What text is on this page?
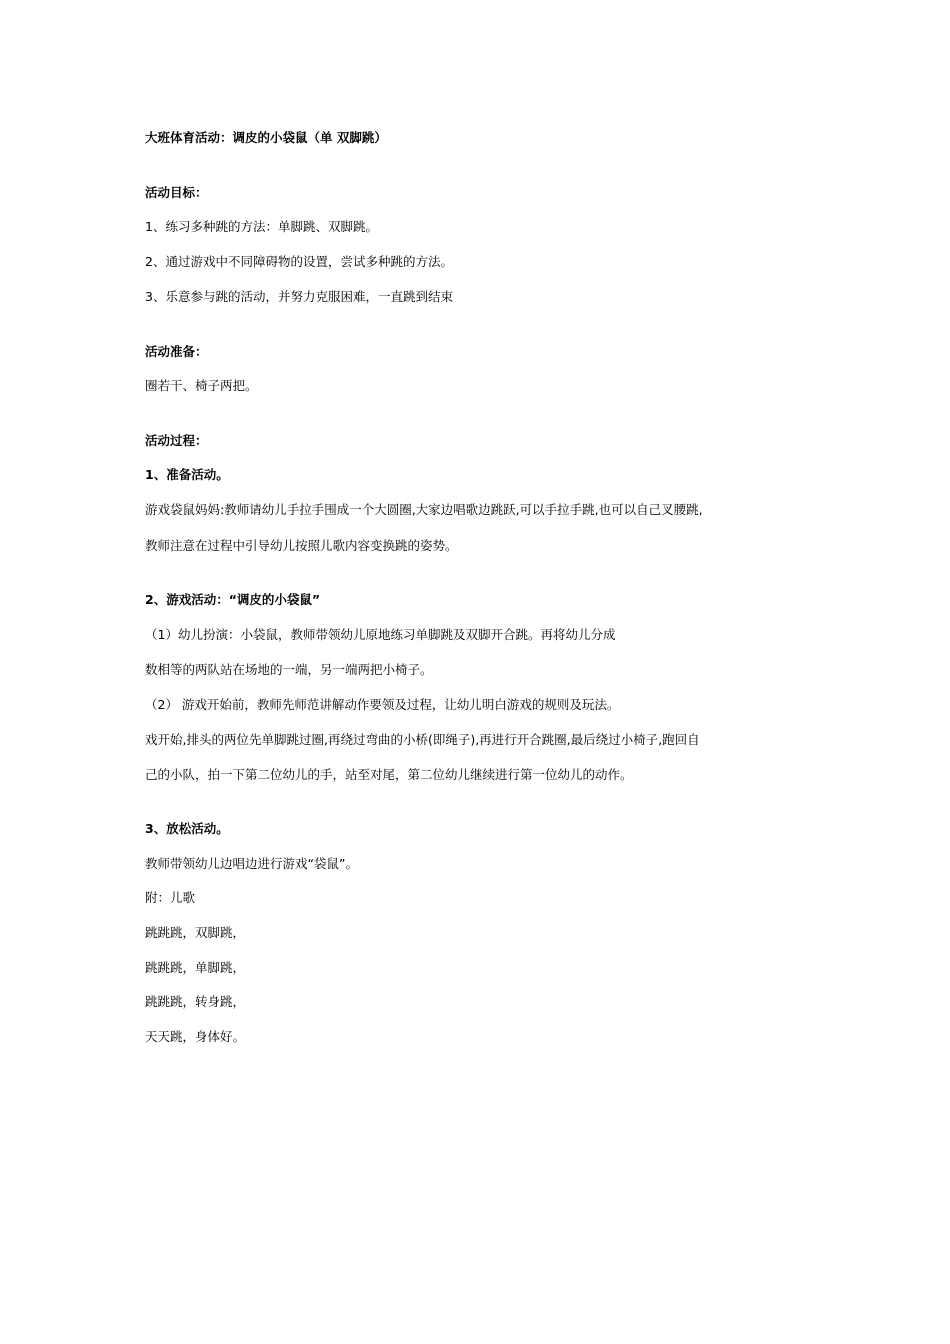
大班体育活动：调皮的小袋鼠（单 双脚跳）
活动目标：
1、练习多种跳的方法：单脚跳、双脚跳。
2、通过游戏中不同障碍物的设置，尝试多种跳的方法。
3、乐意参与跳的活动，并努力克服困难，一直跳到结束
活动准备：
圈若干、椅子两把。
活动过程：
1、准备活动。
游戏袋鼠妈妈:教师请幼儿手拉手围成一个大圆圈,大家边唱歌边跳跃,可以手拉手跳,也可以自己叉腰跳,
教师注意在过程中引导幼儿按照儿歌内容变换跳的姿势。
2、游戏活动：“调皮的小袋鼠”
（1）幼儿扮演：小袋鼠，教师带领幼儿原地练习单脚跳及双脚开合跳。再将幼儿分成
数相等的两队站在场地的一端，另一端两把小椅子。
（2） 游戏开始前，教师先师范讲解动作要领及过程，让幼儿明白游戏的规则及玩法。
戏开始,排头的两位先单脚跳过圈,再绕过弯曲的小桥(即绳子),再进行开合跳圈,最后绕过小椅子,跑回自
己的小队，拍一下第二位幼儿的手，站至对尾，第二位幼儿继续进行第一位幼儿的动作。
3、放松活动。
教师带领幼儿边唱边进行游戏“袋鼠”。
附：儿歌
跳跳跳，双脚跳，
跳跳跳，单脚跳，
跳跳跳，转身跳，
天天跳，身体好。
